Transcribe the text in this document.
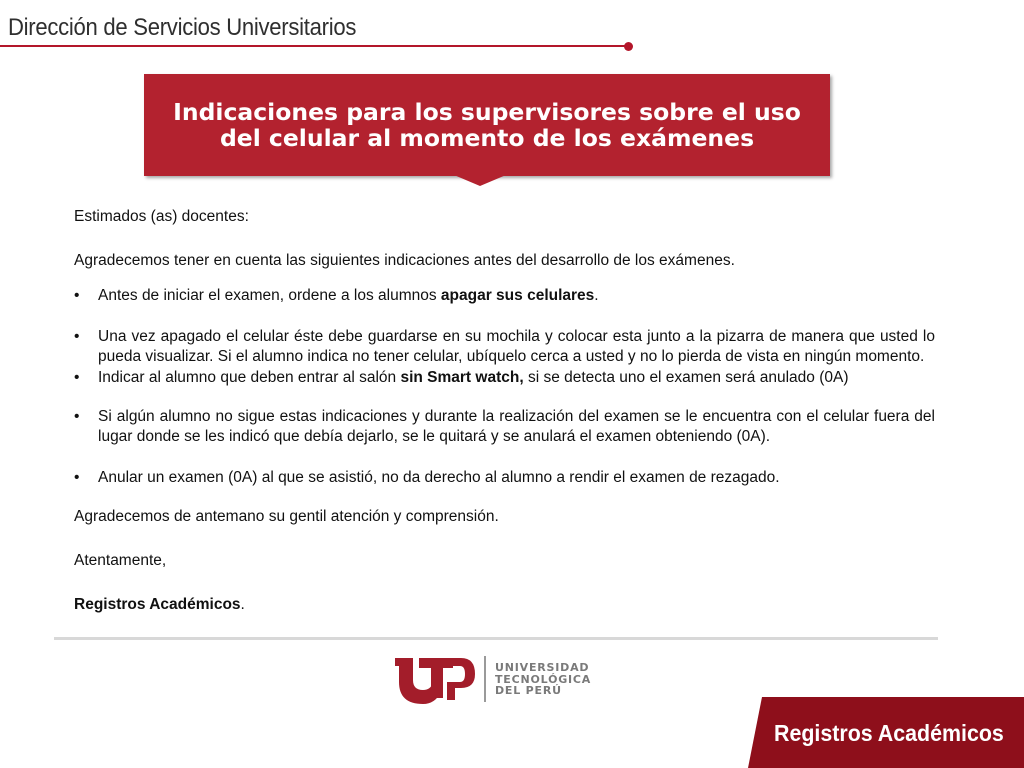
Dirección de Servicios Universitarios
Indicaciones para los supervisores sobre el uso del celular al momento de los exámenes

Estimados (as) docentes:

Agradecemos tener en cuenta las siguientes indicaciones antes del desarrollo de los exámenes.

• Antes de iniciar el examen, ordene a los alumnos apagar sus celulares.
• Una vez apagado el celular éste debe guardarse en su mochila y colocar esta junto a la pizarra de manera que usted lo pueda visualizar. Si el alumno indica no tener celular, ubíquelo cerca a usted y no lo pierda de vista en ningún momento.
• Indicar al alumno que deben entrar al salón sin Smart watch, si se detecta uno el examen será anulado (0A)
• Si algún alumno no sigue estas indicaciones y durante la realización del examen se le encuentra con el celular fuera del lugar donde se les indicó que debía dejarlo, se le quitará y se anulará el examen obteniendo (0A).
• Anular un examen (0A) al que se asistió, no da derecho al alumno a rendir el examen de rezagado.

Agradecemos de antemano su gentil atención y comprensión.

Atentamente,

Registros Académicos.

UNIVERSIDAD
TECNOLÓGICA
DEL PERÚ
Registros Académicos
